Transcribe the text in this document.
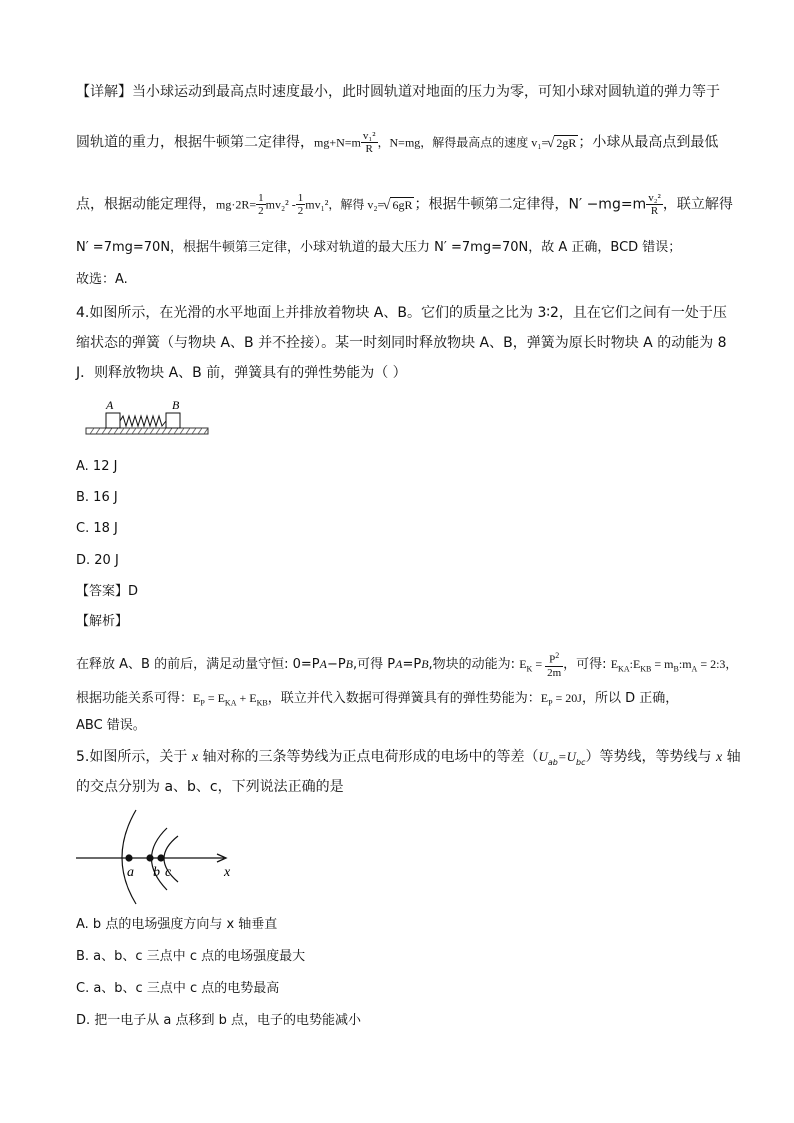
【详解】当小球运动到最高点时速度最小，此时圆轨道对地面的压力为零，可知小球对圆轨道的弹力等于
圆轨道的重力，根据牛顿第二定律得，$mg+N=m \frac{\text{v₁²}}{R}$ ，N=mg，解得最高点的速度 v₁= √ 2gR ；小球从最高点到最低
点，根据动能定理得，$mg\cdot 2R= \frac{1}{2} mv_2^2 - \frac{1}{2} mv_1^2$，解得 v₂= √ 6gR ；根据牛顿第二定律得，$N' -mg=m \frac{\text{v₂²}}{R}$ ，联立解得
N′ =7mg=70N，根据牛顿第三定律，小球对轨道的最大压力 N′ =7mg=70N，故 A 正确，BCD 错误；
故选：A.
4.如图所示，在光滑的水平地面上并排放着物块 A、B。它们的质量之比为 3∶2，且在它们之间有一处于压
缩状态的弹簧（与物块 A、B 并不拴接）。某一时刻同时释放物块 A、B，弹簧为原长时物块 A 的动能为 8
J．则释放物块 A、B 前，弹簧具有的弹性势能为（ ）
A	B
A. 12 J
B. 16 J
C. 18 J
D. 20 J
【答案】D
【解析】
在释放 A、B 的前后，满足动量守恒: 0=PA−PB,可得 PA=PB,物块的动能为: $E_K = \frac{P^2}{2m}$ ，可得: $E_{KA}:E_{KB}$ = $m_B:m_A$ = 2:3，
根据功能关系可得：$E_P = E_{KA} + E_{KB}$，联立并代入数据可得弹簧具有的弹性势能为：$E_P = 20J$，所以 D 正确，
ABC 错误。
5.如图所示，关于 x 轴对称的三条等势线为正点电荷形成的电场中的等差$(U_{ab}=U_{bc})$等势线，等势线与 x 轴
的交点分别为 a、b、c，下列说法正确的是
a b c	x
A. b 点的电场强度方向与 x 轴垂直
B. a、b、c 三点中 c 点的电场强度最大
C. a、b、c 三点中 c 点的电势最高
D. 把一电子从 a 点移到 b 点，电子的电势能减小
